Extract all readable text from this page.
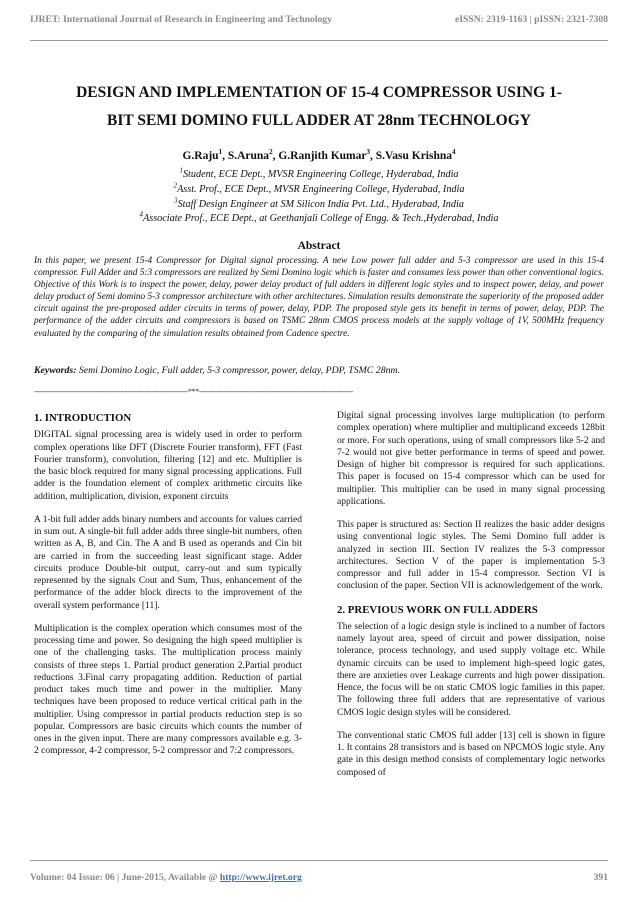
IJRET: International Journal of Research in Engineering and Technology	eISSN: 2319-1163 | pISSN: 2321-7308
DESIGN AND IMPLEMENTATION OF 15-4 COMPRESSOR USING 1-
BIT SEMI DOMINO FULL ADDER AT 28nm TECHNOLOGY
G.Raju$^1$, S.Aruna$^2$, G.Ranjith Kumar$^3$, S.Vasu Krishna$^4$
$^1$Student, ECE Dept., MVSR Engineering College, Hyderabad, India
$^2$Asst. Prof., ECE Dept., MVSR Engineering College, Hyderabad, India
$^3$Staff Design Engineer at SM Silicon India Pvt. Ltd., Hyderabad, India
$^4$Associate Prof., ECE Dept., at Geethanjali College of Engg. & Tech.,Hyderabad, India
Abstract
In this paper, we present 15-4 Compressor for Digital signal processing. A new Low power full adder and 5-3 compressor are used in this 15-4 compressor. Full Adder and 5:3 compressors are realized by Semi Domino logic which is faster and consumes less power than other conventional logics. Objective of this Work is to inspect the power, delay, power delay product of full adders in different logic styles and to inspect power, delay, and power delay product of Semi domino 5-3 compressor architecture with other architectures. Simulation results demonstrate the superiority of the proposed adder circuit against the pre-proposed adder circuits in terms of power, delay, PDP. The proposed style gets its benefit in terms of power, delay, PDP. The performance of the adder circuits and compressors is based on TSMC 28nm CMOS process models at the supply voltage of 1V, 500MHz frequency evaluated by the comparing of the simulation results obtained from Cadence spectre.
Keywords: Semi Domino Logic, Full adder, 5-3 compressor, power, delay, PDP, TSMC 28nm.
--------------------------------------------------------------------***--------------------------------------------------------------------
1. INTRODUCTION

DIGITAL signal processing area is widely used in order to perform complex operations like DFT (Discrete Fourier transform), FFT (Fast Fourier transform), convolution, filtering [12] and etc. Multiplier is the basic block required for many signal processing applications. Full adder is the foundation element of complex arithmetic circuits like addition, multiplication, division, exponent circuits

A 1-bit full adder adds binary numbers and accounts for values carried in sum out. A single-bit full adder adds three single-bit numbers, often written as A, B, and Cin. The A and B used as operands and Cin bit are carried in from the succeeding least significant stage. Adder circuits produce Double-bit output, carry-out and sum typically represented by the signals Cout and Sum, Thus, enhancement of the performance of the adder block directs to the improvement of the overall system performance [11].

Multiplication is the complex operation which consumes most of the processing time and power. So designing the high speed multiplier is one of the challenging tasks. The multiplication process mainly consists of three steps 1. Partial product generation 2.Partial product reductions 3.Final carry propagating addition. Reduction of partial product takes much time and power in the multiplier. Many techniques have been proposed to reduce vertical critical path in the multiplier. Using compressor in partial products reduction step is so popular. Compressors are basic circuits which counts the number of ones in the given input. There are many compressors available e.g. 3-2 compressor, 4-2 compressor, 5-2 compressor and 7:2 compressors.

Digital signal processing involves large multiplication (to perform complex operation) where multiplier and multiplicand exceeds 128bit or more. For such operations, using of small compressors like 5-2 and 7-2 would not give better performance in terms of speed and power. Design of higher bit compressor is required for such applications. This paper is focused on 15-4 compressor which can be used for multiplier. This multiplier can be used in many signal processing applications.

This paper is structured as: Section II realizes the basic adder designs using conventional logic styles. The Semi Domino full adder is analyzed in section III. Section IV realizes the 5-3 compressor architectures. Section V of the paper is implementation 5-3 compressor and full adder in 15-4 compressor. Section VI is conclusion of the paper. Section VII is acknowledgement of the work.

2. PREVIOUS WORK ON FULL ADDERS

The selection of a logic design style is inclined to a number of factors namely layout area, speed of circuit and power dissipation, noise tolerance, process technology, and used supply voltage etc. While dynamic circuits can be used to implement high-speed logic gates, there are anxieties over Leakage currents and high power dissipation. Hence, the focus will be on static CMOS logic families in this paper. The following three full adders that are representative of various CMOS logic design styles will be considered.

The conventional static CMOS full adder [13] cell is shown in figure 1. It contains 28 transistors and is based on NPCMOS logic style. Any gate in this design method consists of complementary logic networks composed of

Volume: 04 Issue: 06 | June-2015, Available @ http://www.ijret.org	391
